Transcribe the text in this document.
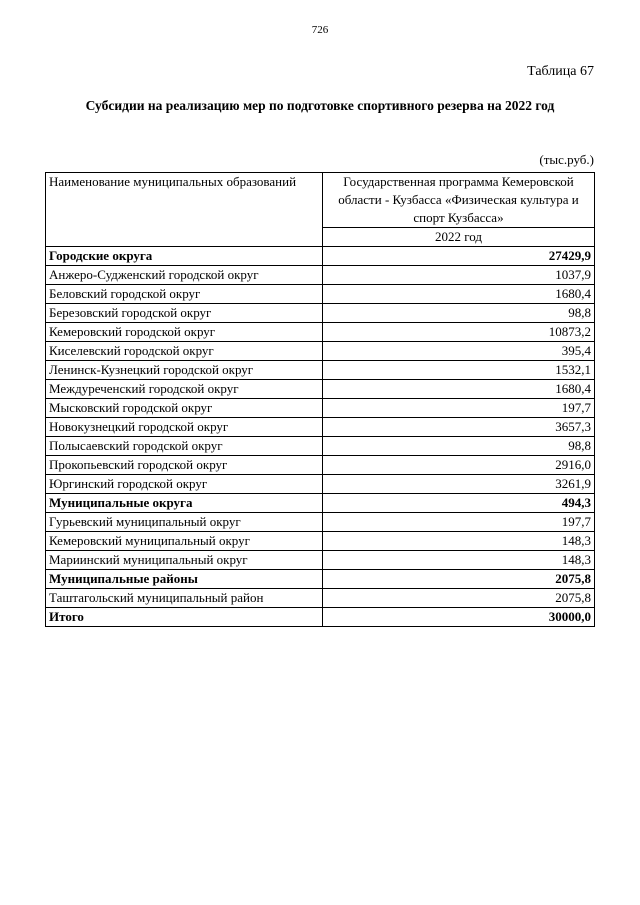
726
Таблица 67
Субсидии на реализацию мер по подготовке спортивного резерва на 2022 год
(тыс.руб.)
Наименование муниципальных образований	Государственная программа Кемеровской области - Кузбасса «Физическая культура и спорт Кузбасса»
	2022 год
Городские округа	27429,9
Анжеро-Судженский городской округ	1037,9
Беловский городской округ	1680,4
Березовский городской округ	98,8
Кемеровский городской округ	10873,2
Киселевский городской округ	395,4
Ленинск-Кузнецкий городской округ	1532,1
Междуреченский городской округ	1680,4
Мысковский городской округ	197,7
Новокузнецкий городской округ	3657,3
Полысаевский городской округ	98,8
Прокопьевский городской округ	2916,0
Юргинский городской округ	3261,9
Муниципальные округа	494,3
Гурьевский муниципальный округ	197,7
Кемеровский муниципальный округ	148,3
Мариинский муниципальный округ	148,3
Муниципальные районы	2075,8
Таштагольский муниципальный район	2075,8
Итого	30000,0
